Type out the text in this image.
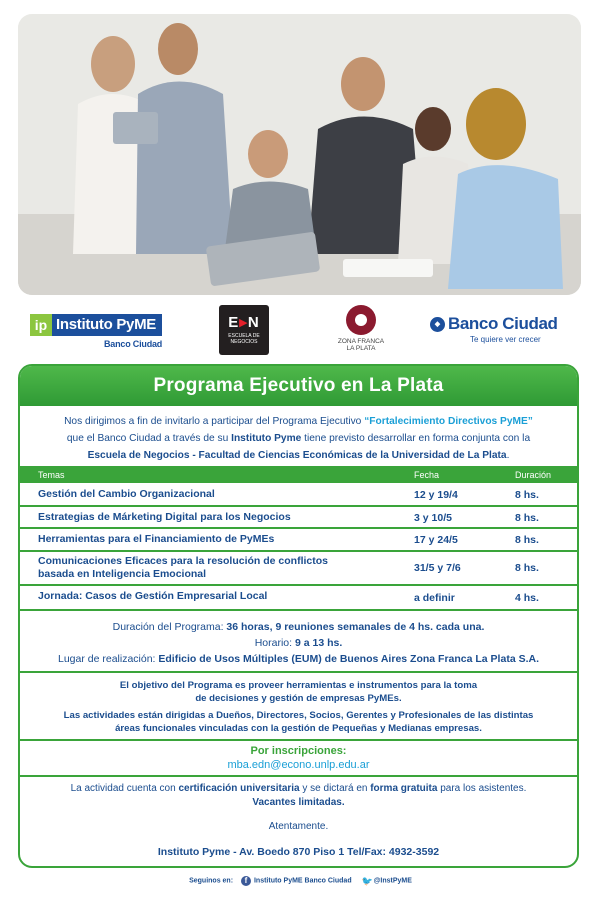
ip Instituto PyME
Banco Ciudad
E▸N
ESCUELA DE NEGOCIOS	ZONA FRANCA
LA PLATA
◆ Banco Ciudad
Te quiere ver crecer
Programa Ejecutivo en La Plata
Nos dirigimos a fin de invitarlo a participar del Programa Ejecutivo “Fortalecimiento Directivos PyME”
que el Banco Ciudad a través de su Instituto Pyme tiene previsto desarrollar en forma conjunta con la
Escuela de Negocios - Facultad de Ciencias Económicas de la Universidad de La Plata.
Temas	Fecha	Duración
Gestión del Cambio Organizacional	12 y 19/4	8 hs.
Estrategias de Márketing Digital para los Negocios	3 y 10/5	8 hs.
Herramientas para el Financiamiento de PyMEs	17 y 24/5	8 hs.
Comunicaciones Eficaces para la resolución de conflictos
basada en Inteligencia Emocional	31/5 y 7/6	8 hs.
Jornada: Casos de Gestión Empresarial Local	a definir	4 hs.
Duración del Programa: 36 horas, 9 reuniones semanales de 4 hs. cada una.
Horario: 9 a 13 hs.
Lugar de realización: Edificio de Usos Múltiples (EUM) de Buenos Aires Zona Franca La Plata S.A.

El objetivo del Programa es proveer herramientas e instrumentos para la toma
de decisiones y gestión de empresas PyMEs.

Las actividades están dirigidas a Dueños, Directores, Socios, Gerentes y Profesionales de las distintas
áreas funcionales vinculadas con la gestión de Pequeñas y Medianas empresas.

Por inscripciones:
mba.edn@econo.unlp.edu.ar
La actividad cuenta con certificación universitaria y se dictará en forma gratuita para los asistentes.
Vacantes limitadas.
Atentamente.
Instituto Pyme - Av. Boedo 870 Piso 1 Tel/Fax: 4932-3592
Seguinos en: f Instituto PyME Banco Ciudad 🐦@InstPyME
